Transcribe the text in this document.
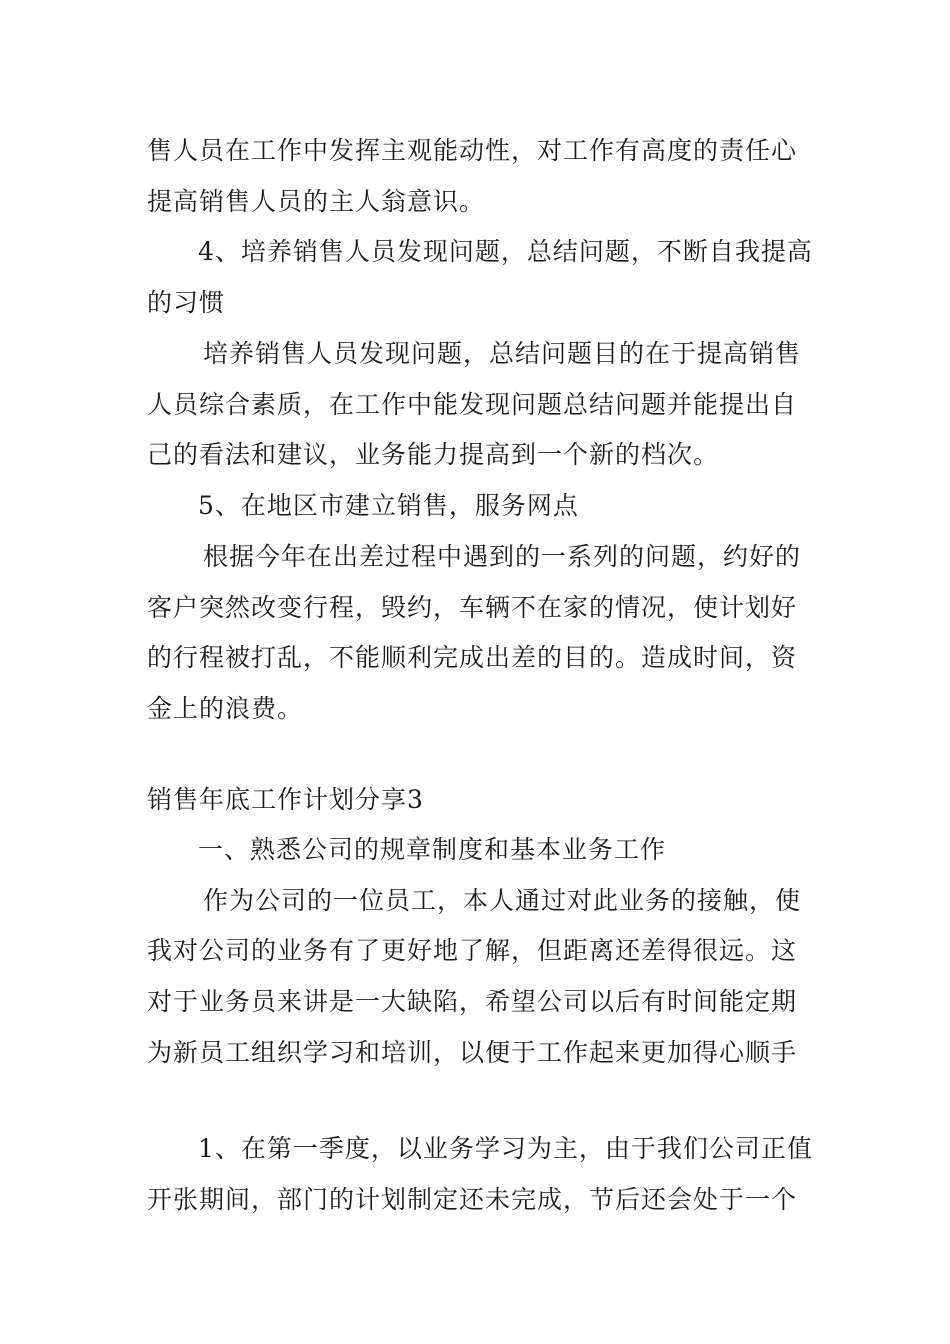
售人员在工作中发挥主观能动性，对工作有高度的责任心
提高销售人员的主人翁意识。
4、培养销售人员发现问题，总结问题，不断自我提高
的习惯
培养销售人员发现问题，总结问题目的在于提高销售
人员综合素质，在工作中能发现问题总结问题并能提出自
己的看法和建议，业务能力提高到一个新的档次。
5、在地区市建立销售，服务网点
根据今年在出差过程中遇到的一系列的问题，约好的
客户突然改变行程，毁约，车辆不在家的情况，使计划好
的行程被打乱，不能顺利完成出差的目的。造成时间，资
金上的浪费。
销售年底工作计划分享3
一、熟悉公司的规章制度和基本业务工作
作为公司的一位员工，本人通过对此业务的接触，使
我对公司的业务有了更好地了解，但距离还差得很远。这
对于业务员来讲是一大缺陷，希望公司以后有时间能定期
为新员工组织学习和培训，以便于工作起来更加得心顺手
1、在第一季度，以业务学习为主，由于我们公司正值
开张期间，部门的计划制定还未完成，节后还会处于一个
